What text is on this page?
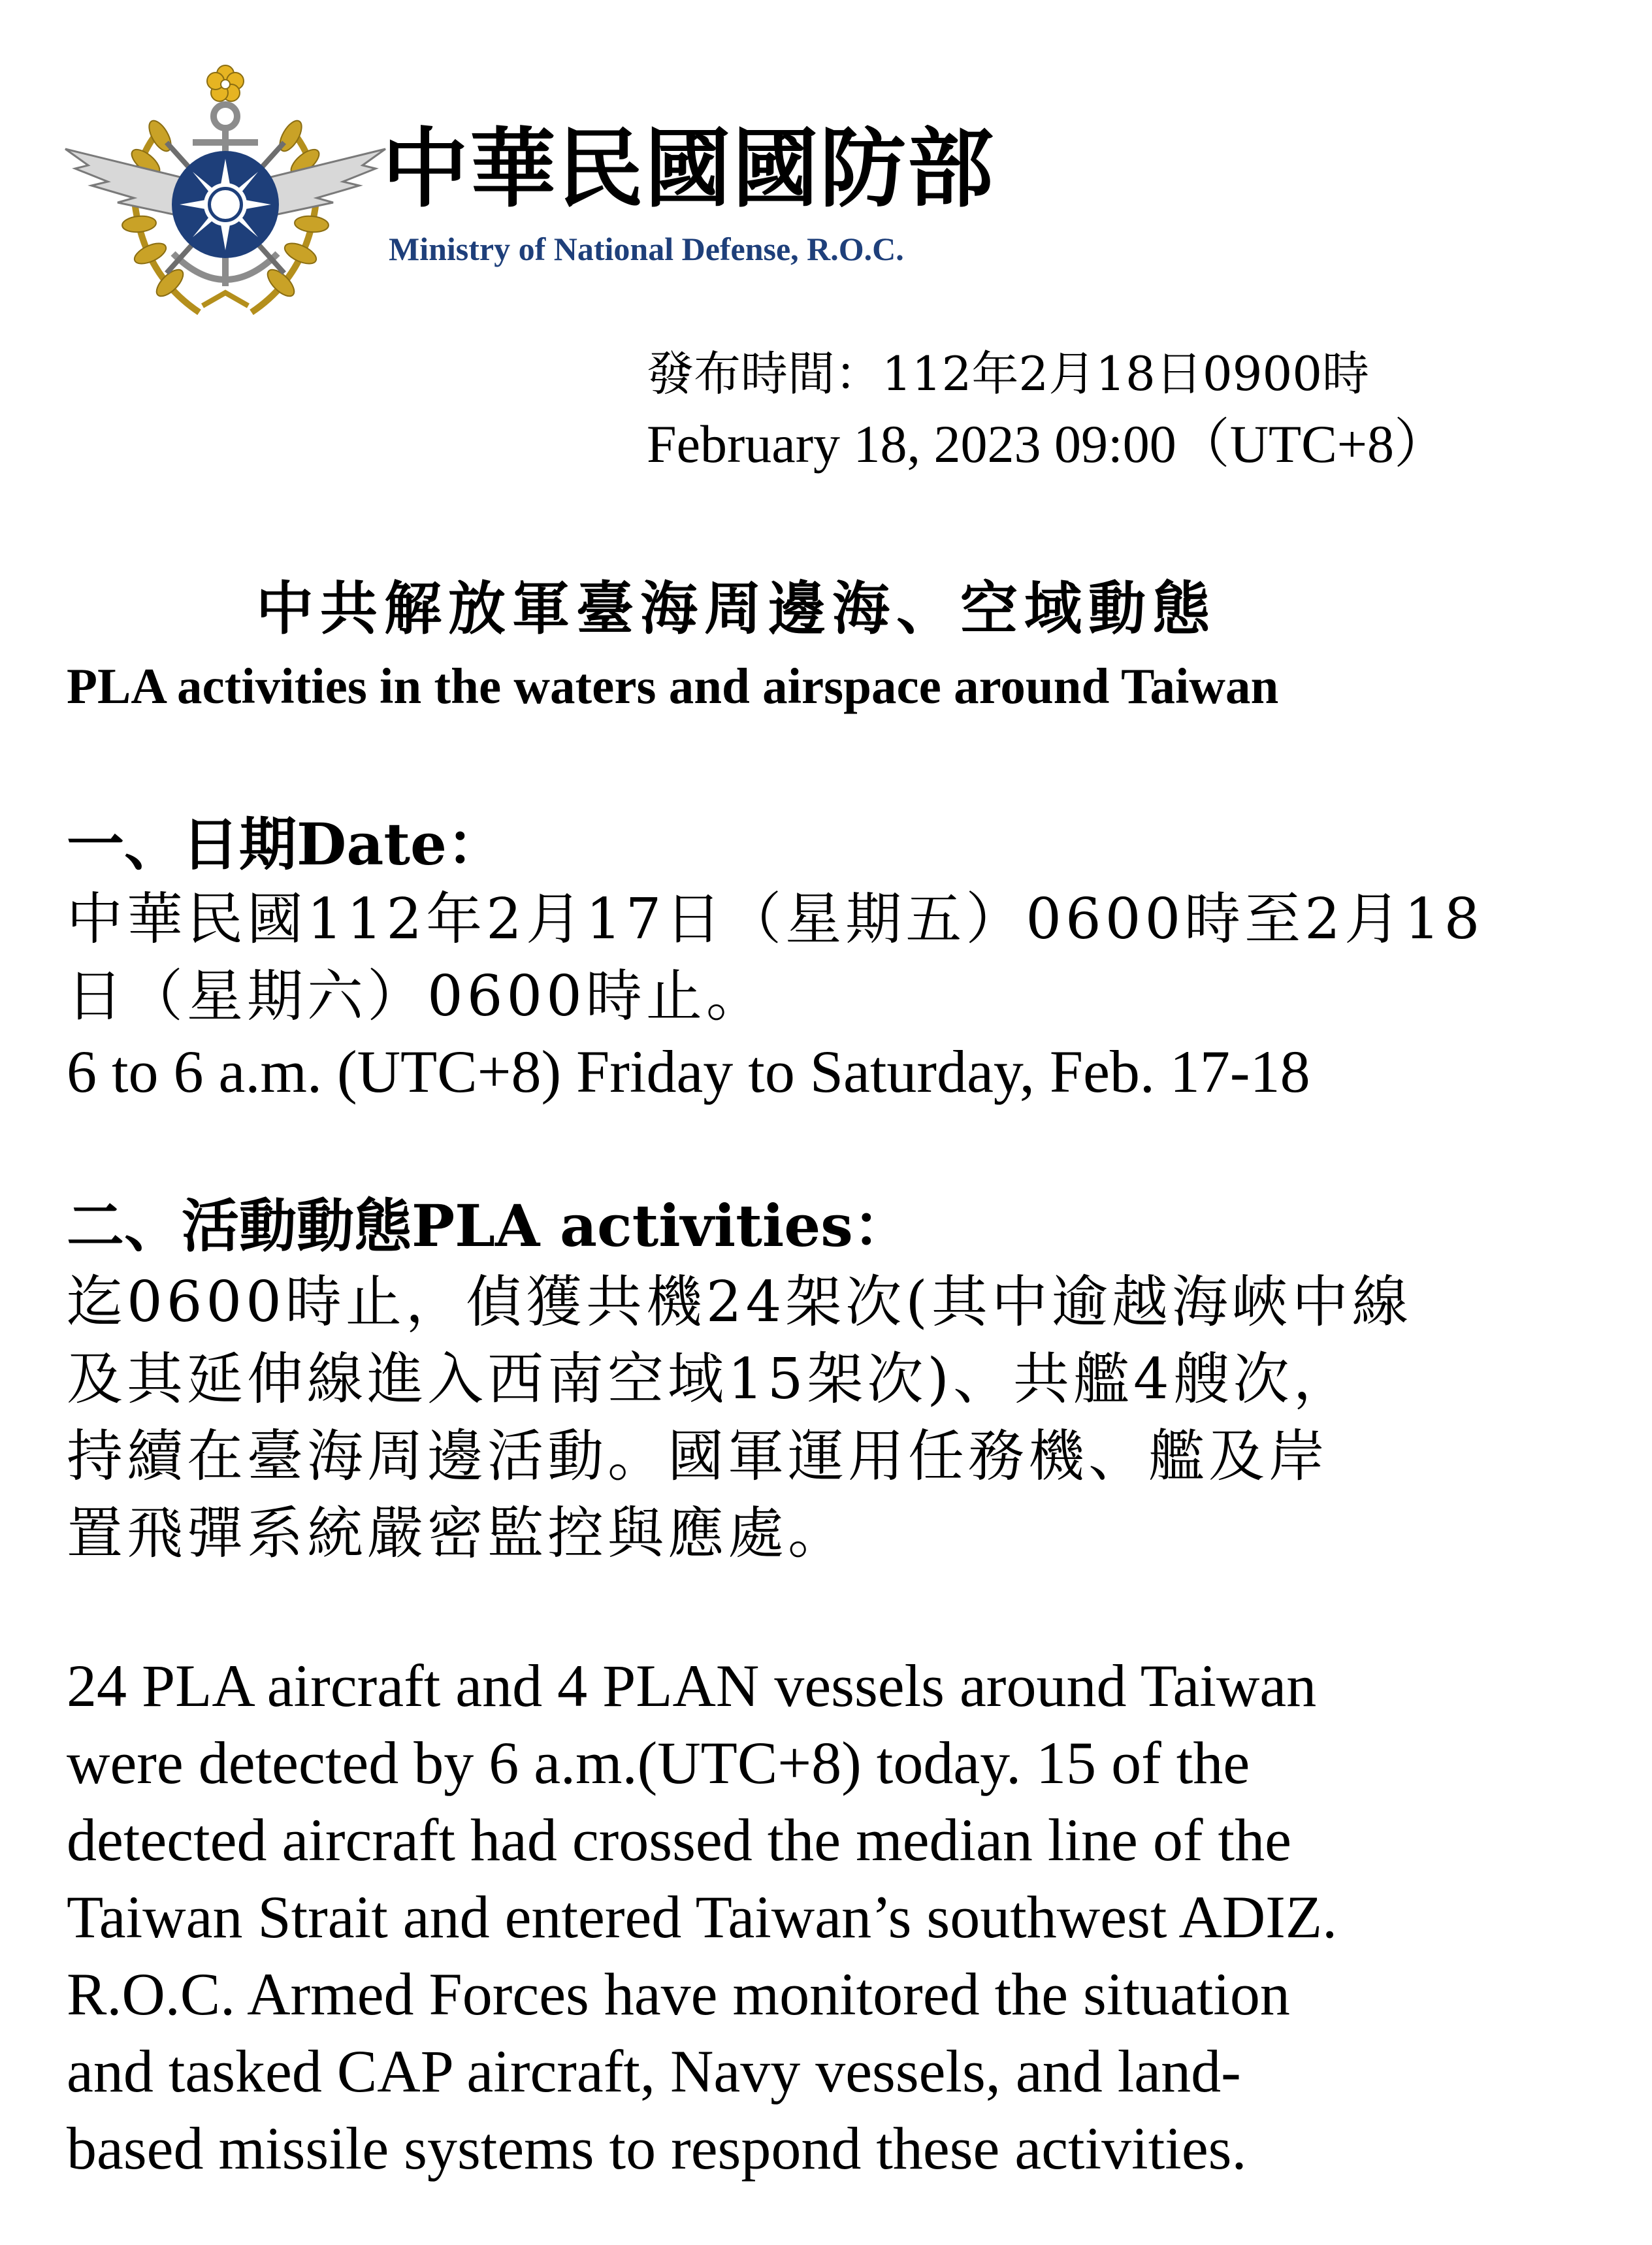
中華民國國防部
Ministry of National Defense, R.O.C.
發布時間：112年2月18日0900時
February 18, 2023 09:00（UTC+8）
中共解放軍臺海周邊海、空域動態
PLA activities in the waters and airspace around Taiwan
一、日期Date：
中華民國112年2月17日（星期五）0600時至2月18
日（星期六）0600時止。
6 to 6 a.m. (UTC+8) Friday to Saturday, Feb. 17-18
二、活動動態PLA activities：
迄0600時止，偵獲共機24架次(其中逾越海峽中線
及其延伸線進入西南空域15架次)、共艦4艘次，
持續在臺海周邊活動。國軍運用任務機、艦及岸
置飛彈系統嚴密監控與應處。
24 PLA aircraft and 4 PLAN vessels around Taiwan
were detected by 6 a.m.(UTC+8) today. 15 of the
detected aircraft had crossed the median line of the
Taiwan Strait and entered Taiwan’s southwest ADIZ.
R.O.C. Armed Forces have monitored the situation
and tasked CAP aircraft, Navy vessels, and land-
based missile systems to respond these activities.
